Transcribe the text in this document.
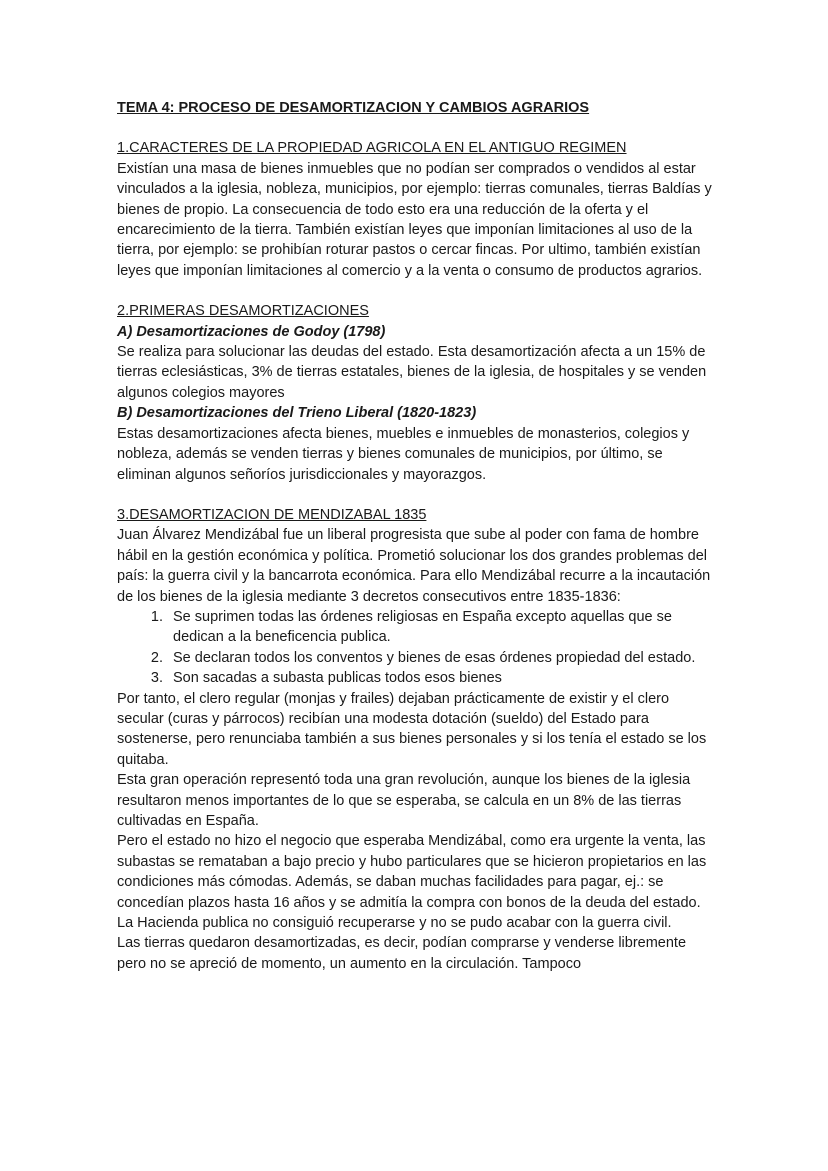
TEMA 4: PROCESO DE DESAMORTIZACION Y CAMBIOS AGRARIOS

1.CARACTERES DE LA PROPIEDAD AGRICOLA EN EL ANTIGUO REGIMEN

Existían una masa de bienes inmuebles que no podían ser comprados o vendidos al estar vinculados a la iglesia, nobleza, municipios, por ejemplo: tierras comunales, tierras Baldías y bienes de propio. La consecuencia de todo esto era una reducción de la oferta y el encarecimiento de la tierra. También existían leyes que imponían limitaciones al uso de la tierra, por ejemplo: se prohibían roturar pastos o cercar fincas. Por ultimo, también existían leyes que imponían limitaciones al comercio y a la venta o consumo de productos agrarios.

2.PRIMERAS DESAMORTIZACIONES

A) Desamortizaciones de Godoy (1798)

Se realiza para solucionar las deudas del estado. Esta desamortización afecta a un 15% de tierras eclesiásticas, 3% de tierras estatales, bienes de la iglesia, de hospitales y se venden algunos colegios mayores

B) Desamortizaciones del Trieno Liberal (1820-1823)

Estas desamortizaciones afecta bienes, muebles e inmuebles de monasterios, colegios y nobleza, además se venden tierras y bienes comunales de municipios, por último, se eliminan algunos señoríos jurisdiccionales y mayorazgos.

3.DESAMORTIZACION DE MENDIZABAL 1835

Juan Álvarez Mendizábal fue un liberal progresista que sube al poder con fama de hombre hábil en la gestión económica y política. Prometió solucionar los dos grandes problemas del país: la guerra civil y la bancarrota económica. Para ello Mendizábal recurre a la incautación de los bienes de la iglesia mediante 3 decretos consecutivos entre 1835-1836:

1. Se suprimen todas las órdenes religiosas en España excepto aquellas que se dedican a la beneficencia publica.
2. Se declaran todos los conventos y bienes de esas órdenes propiedad del estado.
3. Son sacadas a subasta publicas todos esos bienes

Por tanto, el clero regular (monjas y frailes) dejaban prácticamente de existir y el clero secular (curas y párrocos) recibían una modesta dotación (sueldo) del Estado para sostenerse, pero renunciaba también a sus bienes personales y si los tenía el estado se los quitaba.

Esta gran operación representó toda una gran revolución, aunque los bienes de la iglesia resultaron menos importantes de lo que se esperaba, se calcula en un 8% de las tierras cultivadas en España.

Pero el estado no hizo el negocio que esperaba Mendizábal, como era urgente la venta, las subastas se remataban a bajo precio y hubo particulares que se hicieron propietarios en las condiciones más cómodas. Además, se daban muchas facilidades para pagar, ej.: se concedían plazos hasta 16 años y se admitía la compra con bonos de la deuda del estado. La Hacienda publica no consiguió recuperarse y no se pudo acabar con la guerra civil.

Las tierras quedaron desamortizadas, es decir, podían comprarse y venderse libremente pero no se apreció de momento, un aumento en la circulación. Tampoco
